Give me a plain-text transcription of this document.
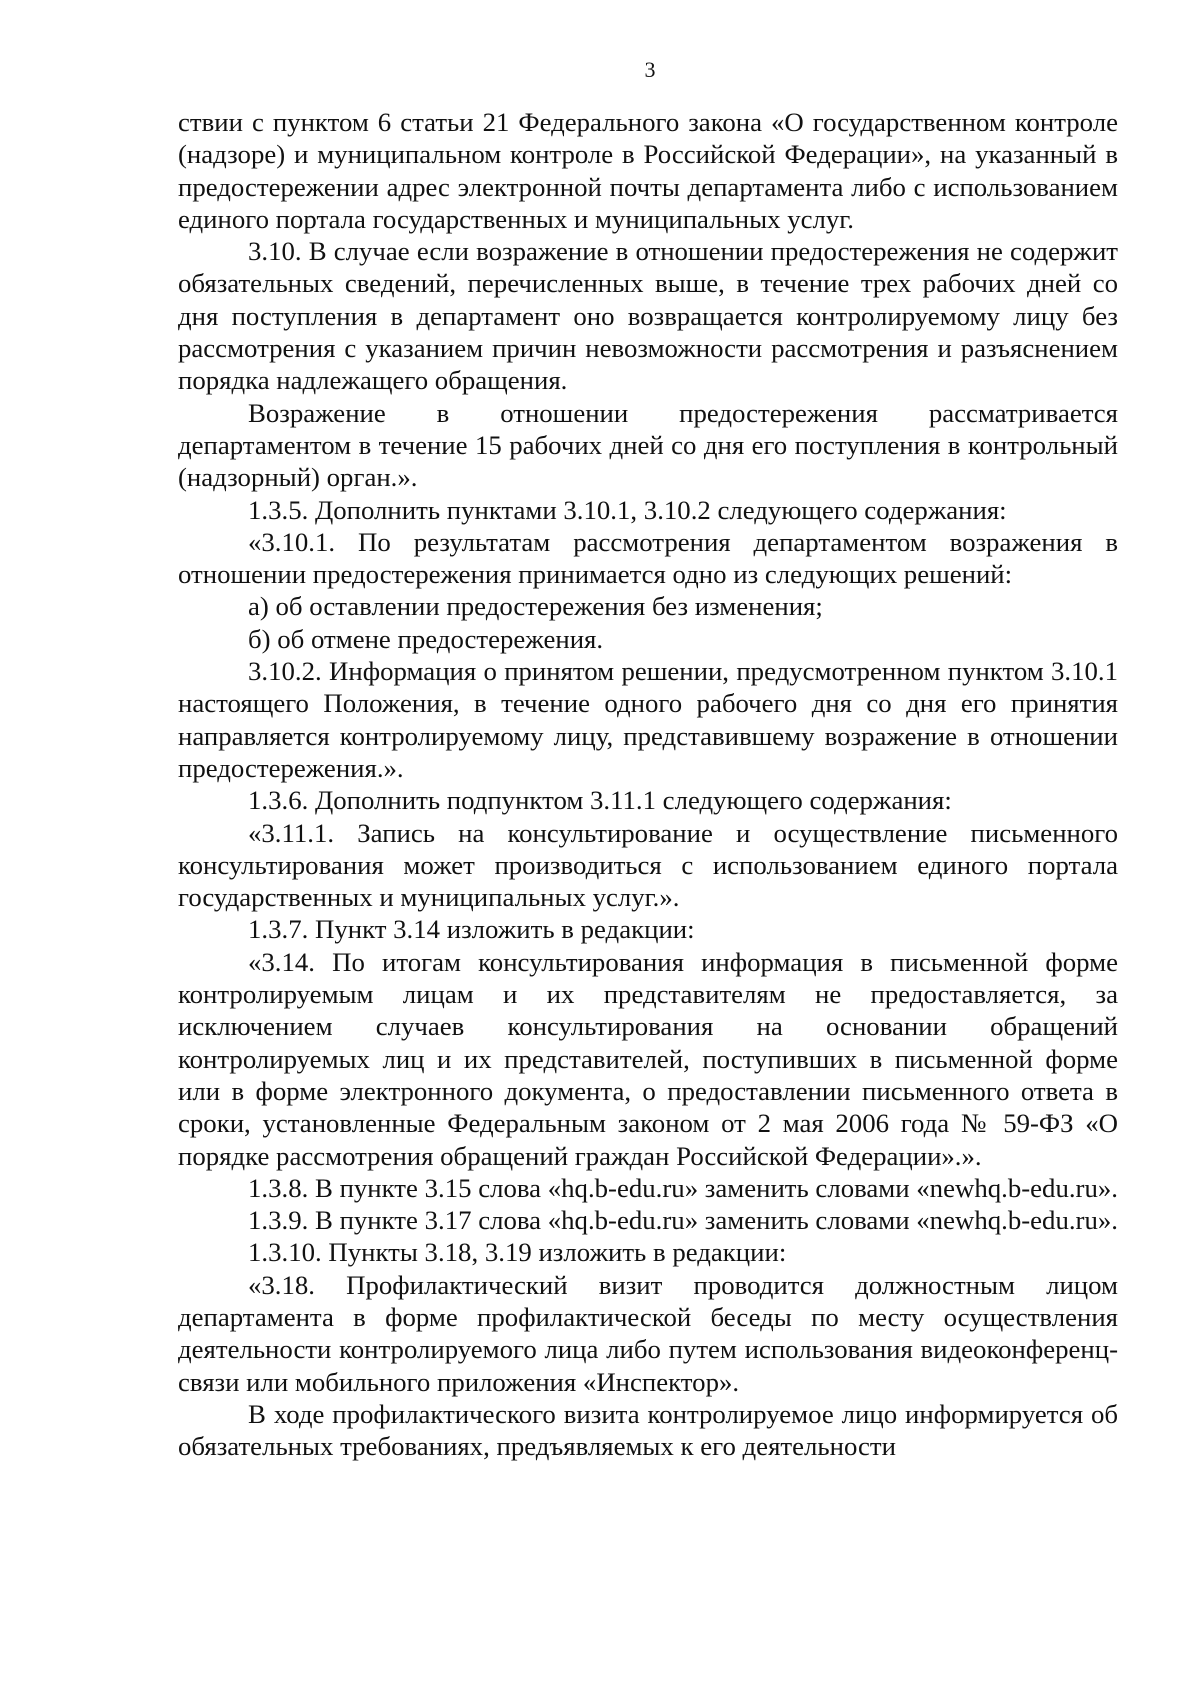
3

ствии с пунктом 6 статьи 21 Федерального закона «О государственном контроле (надзоре) и муниципальном контроле в Российской Федерации», на указанный в предостережении адрес электронной почты департамента либо с использованием единого портала государственных и муниципальных услуг.

3.10. В случае если возражение в отношении предостережения не содержит обязательных сведений, перечисленных выше, в течение трех рабочих дней со дня поступления в департамент оно возвращается контролируемому лицу без рассмотрения с указанием причин невозможности рассмотрения и разъяснением порядка надлежащего обращения.

Возражение в отношении предостережения рассматривается департаментом в течение 15 рабочих дней со дня его поступления в контрольный (надзорный) орган.».

1.3.5. Дополнить пунктами 3.10.1, 3.10.2 следующего содержания:

«3.10.1. По результатам рассмотрения департаментом возражения в отношении предостережения принимается одно из следующих решений:

а) об оставлении предостережения без изменения;

б) об отмене предостережения.

3.10.2. Информация о принятом решении, предусмотренном пунктом 3.10.1 настоящего Положения, в течение одного рабочего дня со дня его принятия направляется контролируемому лицу, представившему возражение в отношении предостережения.».

1.3.6. Дополнить подпунктом 3.11.1 следующего содержания:

«3.11.1. Запись на консультирование и осуществление письменного консультирования может производиться с использованием единого портала государственных и муниципальных услуг.».

1.3.7. Пункт 3.14 изложить в редакции:

«3.14. По итогам консультирования информация в письменной форме контролируемым лицам и их представителям не предоставляется, за исключением случаев консультирования на основании обращений контролируемых лиц и их представителей, поступивших в письменной форме или в форме электронного документа, о предоставлении письменного ответа в сроки, установленные Федеральным законом от 2 мая 2006 года № 59-ФЗ «О порядке рассмотрения обращений граждан Российской Федерации».».

1.3.8. В пункте 3.15 слова «hq.b-edu.ru» заменить словами «newhq.b-edu.ru».

1.3.9. В пункте 3.17 слова «hq.b-edu.ru» заменить словами «newhq.b-edu.ru».

1.3.10. Пункты 3.18, 3.19 изложить в редакции:

«3.18. Профилактический визит проводится должностным лицом департамента в форме профилактической беседы по месту осуществления деятельности контролируемого лица либо путем использования видеоконференц-связи или мобильного приложения «Инспектор».

В ходе профилактического визита контролируемое лицо информируется об обязательных требованиях, предъявляемых к его деятельности
